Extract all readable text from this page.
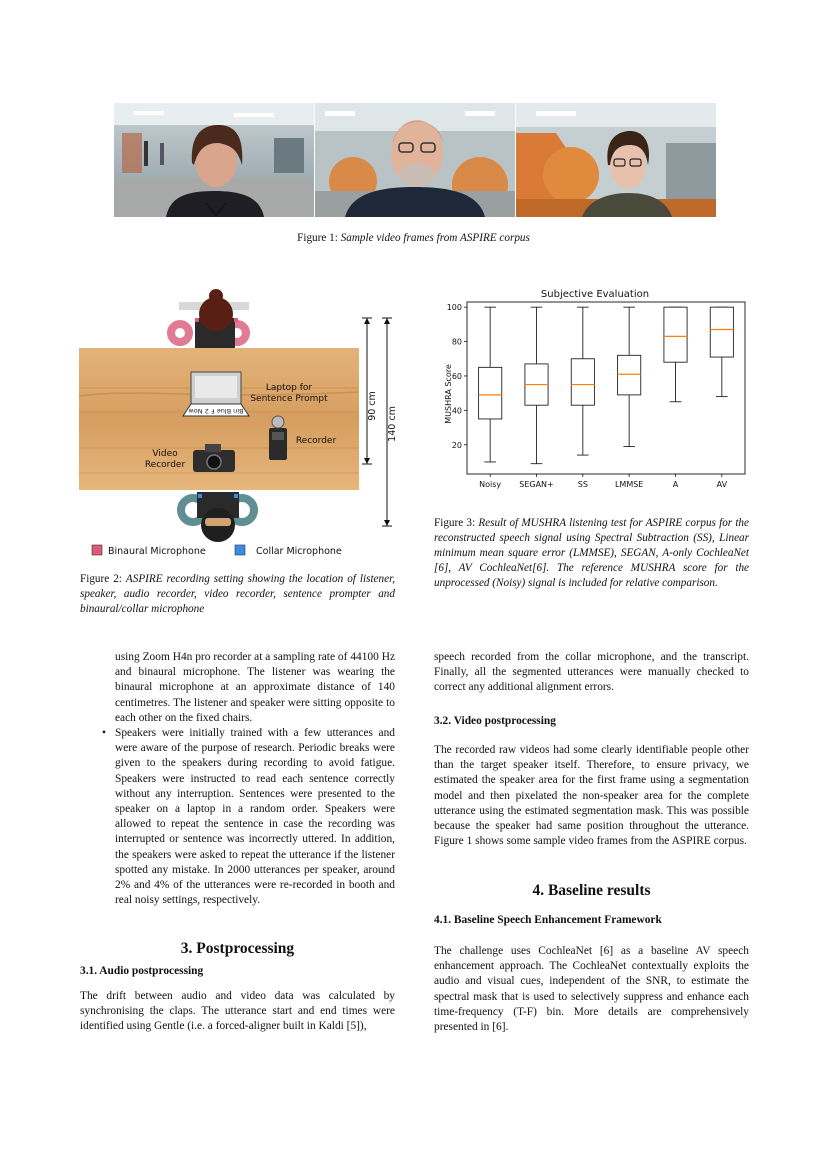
Figure 1: Sample video frames from ASPIRE corpus
Bin Blue F 2 Now
Laptop for
Sentence Prompt
Recorder
Video
Recorder
90 cm
140 cm
Binaural Microphone	Collar Microphone
Figure 2: ASPIRE recording setting showing the location of listener, speaker, audio recorder, video recorder, sentence prompter and binaural/collar microphone
Subjective Evaluation
MUSHRA Score
20
40
60
80
100
Noisy SEGAN+	SS	LMMSE	A	AV
Figure 3: Result of MUSHRA listening test for ASPIRE corpus for the reconstructed speech signal using Spectral Subtraction (SS), Linear minimum mean square error (LMMSE), SEGAN, A-only CochleaNet [6], AV CochleaNet[6]. The reference MUSHRA score for the unprocessed (Noisy) signal is included for relative comparison.

using Zoom H4n pro recorder at a sampling rate of 44100 Hz and binaural microphone. The listener was wearing the binaural microphone at an approximate distance of 140 centimetres. The listener and speaker were sitting opposite to each other on the fixed chairs.

• Speakers were initially trained with a few utterances and were aware of the purpose of research. Periodic breaks were given to the speakers during recording to avoid fatigue. Speakers were instructed to read each sentence correctly without any interruption. Sentences were presented to the speaker on a laptop in a random order. Speakers were allowed to repeat the sentence in case the recording was interrupted or sentence was incorrectly uttered. In addition, the speakers were asked to repeat the utterance if the listener spotted any mistake. In 2000 utterances per speaker, around 2% and 4% of the utterances were re-recorded in booth and real noisy settings, respectively.

3. Postprocessing
3.1. Audio postprocessing

The drift between audio and video data was calculated by synchronising the claps. The utterance start and end times were identified using Gentle (i.e. a forced-aligner built in Kaldi [5]),

speech recorded from the collar microphone, and the transcript. Finally, all the segmented utterances were manually checked to correct any additional alignment errors.

3.2. Video postprocessing

The recorded raw videos had some clearly identifiable people other than the target speaker itself. Therefore, to ensure privacy, we estimated the speaker area for the first frame using a segmentation model and then pixelated the non-speaker area for the complete utterance using the estimated segmentation mask. This was possible because the speaker had same position throughout the utterance. Figure 1 shows some sample video frames from the ASPIRE corpus.

4. Baseline results
4.1. Baseline Speech Enhancement Framework

The challenge uses CochleaNet [6] as a baseline AV speech enhancement approach. The CochleaNet contextually exploits the audio and visual cues, independent of the SNR, to estimate the spectral mask that is used to selectively suppress and enhance each time-frequency (T-F) bin. More details are comprehensively presented in [6].
